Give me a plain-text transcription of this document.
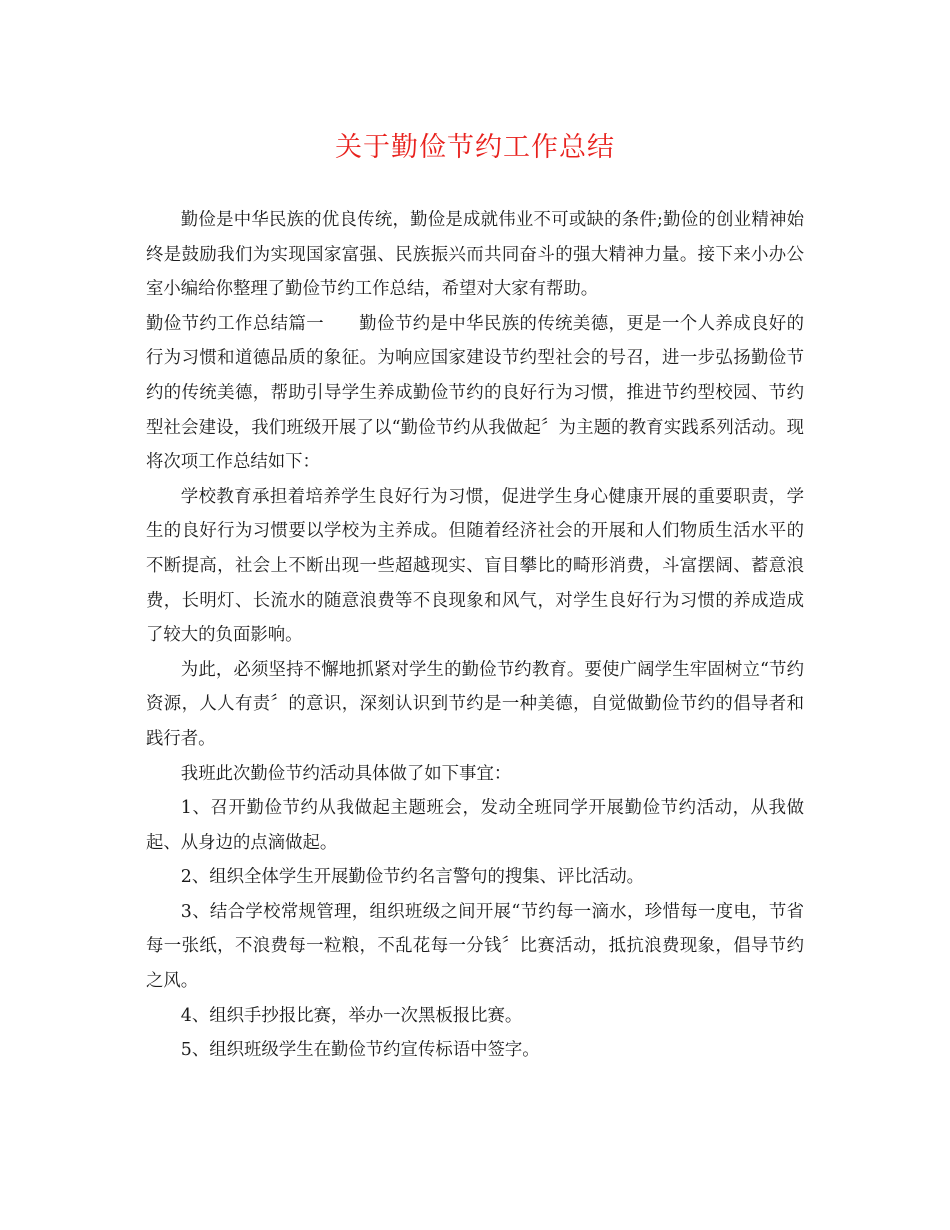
关于勤俭节约工作总结

勤俭是中华民族的优良传统，勤俭是成就伟业不可或缺的条件;勤俭的创业精神始终是鼓励我们为实现国家富强、民族振兴而共同奋斗的强大精神力量。接下来小办公室小编给你整理了勤俭节约工作总结，希望对大家有帮助。

勤俭节约工作总结篇一 勤俭节约是中华民族的传统美德，更是一个人养成良好的行为习惯和道德品质的象征。为响应国家建设节约型社会的号召，进一步弘扬勤俭节约的传统美德，帮助引导学生养成勤俭节约的良好行为习惯，推进节约型校园、节约型社会建设，我们班级开展了以“勤俭节约从我做起〞为主题的教育实践系列活动。现将次项工作总结如下：

学校教育承担着培养学生良好行为习惯，促进学生身心健康开展的重要职责，学生的良好行为习惯要以学校为主养成。但随着经济社会的开展和人们物质生活水平的不断提高，社会上不断出现一些超越现实、盲目攀比的畸形消费，斗富摆阔、蓄意浪费，长明灯、长流水的随意浪费等不良现象和风气，对学生良好行为习惯的养成造成了较大的负面影响。

为此，必须坚持不懈地抓紧对学生的勤俭节约教育。要使广阔学生牢固树立“节约资源，人人有责〞的意识，深刻认识到节约是一种美德，自觉做勤俭节约的倡导者和践行者。

我班此次勤俭节约活动具体做了如下事宜：

1、召开勤俭节约从我做起主题班会，发动全班同学开展勤俭节约活动，从我做起、从身边的点滴做起。

2、组织全体学生开展勤俭节约名言警句的搜集、评比活动。

3、结合学校常规管理，组织班级之间开展“节约每一滴水，珍惜每一度电，节省每一张纸，不浪费每一粒粮，不乱花每一分钱〞比赛活动，抵抗浪费现象，倡导节约之风。

4、组织手抄报比赛，举办一次黑板报比赛。

5、组织班级学生在勤俭节约宣传标语中签字。
